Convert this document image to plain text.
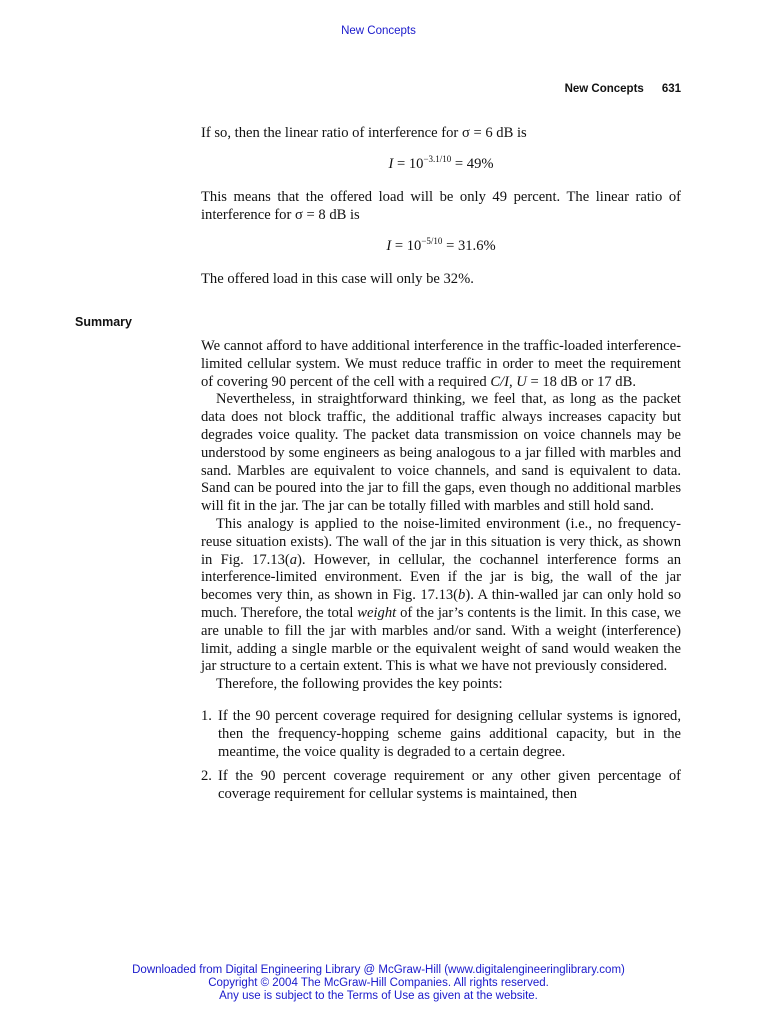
New Concepts
New Concepts 631

If so, then the linear ratio of interference for σ = 6 dB is

$I = 10^{-3.1/10} = 49\%$

This means that the offered load will be only 49 percent. The linear ratio of interference for σ = 8 dB is

$I = 10^{-5/10} = 31.6\%$

The offered load in this case will only be 32%.

Summary

We cannot afford to have additional interference in the traffic-loaded interference-limited cellular system. We must reduce traffic in order to meet the requirement of covering 90 percent of the cell with a required C/I, U = 18 dB or 17 dB.

Nevertheless, in straightforward thinking, we feel that, as long as the packet data does not block traffic, the additional traffic always increases capacity but degrades voice quality. The packet data transmission on voice channels may be understood by some engineers as being analogous to a jar filled with marbles and sand. Marbles are equivalent to voice channels, and sand is equivalent to data. Sand can be poured into the jar to fill the gaps, even though no additional marbles will fit in the jar. The jar can be totally filled with marbles and still hold sand.

This analogy is applied to the noise-limited environment (i.e., no frequency-reuse situation exists). The wall of the jar in this situation is very thick, as shown in Fig. 17.13(a). However, in cellular, the cochannel interference forms an interference-limited environment. Even if the jar is big, the wall of the jar becomes very thin, as shown in Fig. 17.13(b). A thin-walled jar can only hold so much. Therefore, the total weight of the jar’s contents is the limit. In this case, we are unable to fill the jar with marbles and/or sand. With a weight (interference) limit, adding a single marble or the equivalent weight of sand would weaken the jar structure to a certain extent. This is what we have not previously considered.

Therefore, the following provides the key points:

1. If the 90 percent coverage required for designing cellular systems is ignored, then the frequency-hopping scheme gains additional capacity, but in the meantime, the voice quality is degraded to a certain degree.
2. If the 90 percent coverage requirement or any other given percentage of coverage requirement for cellular systems is maintained, then
Downloaded from Digital Engineering Library @ McGraw-Hill (www.digitalengineeringlibrary.com)
Copyright © 2004 The McGraw-Hill Companies. All rights reserved.
Any use is subject to the Terms of Use as given at the website.
